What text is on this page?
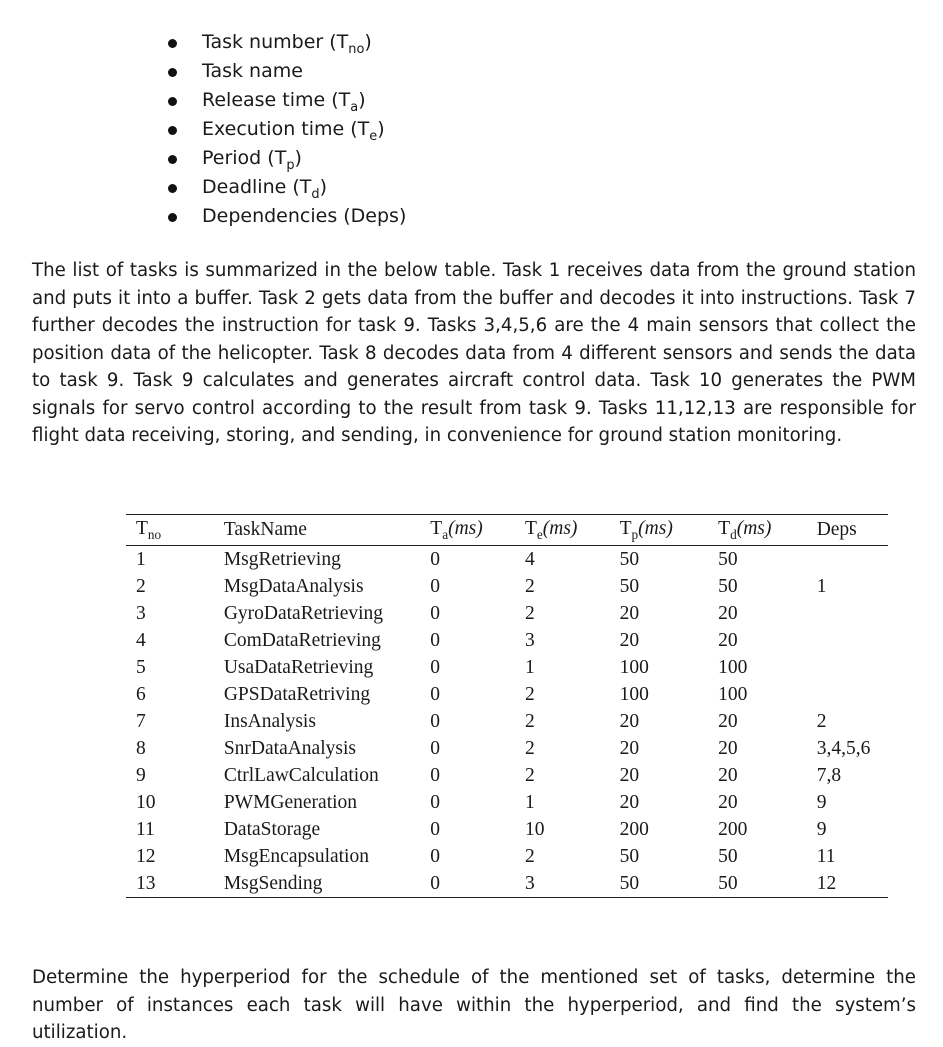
Task number $(T_{no})$
Task name
Release time $(T_a)$
Execution time $(T_e)$
Period $(T_p)$
Deadline $(T_d)$
Dependencies (Deps)

The list of tasks is summarized in the below table. Task 1 receives data from the ground station and puts it into a buffer. Task 2 gets data from the buffer and decodes it into instructions. Task 7 further decodes the instruction for task 9. Tasks 3,4,5,6 are the 4 main sensors that collect the position data of the helicopter. Task 8 decodes data from 4 different sensors and sends the data to task 9. Task 9 calculates and generates aircraft control data. Task 10 generates the PWM signals for servo control according to the result from task 9. Tasks 11,12,13 are responsible for flight data receiving, storing, and sending, in convenience for ground station monitoring.

$T_{no}$	TaskName	$T_a(ms)$	$T_e(ms)$	$T_p(ms)$	$T_d(ms)$	Deps
1	MsgRetrieving	0	4	50	50	
2	MsgDataAnalysis	0	2	50	50	1
3	GyroDataRetrieving	0	2	20	20	
4	ComDataRetrieving	0	3	20	20	
5	UsaDataRetrieving	0	1	100	100	
6	GPSDataRetriving	0	2	100	100	
7	InsAnalysis	0	2	20	20	2
8	SnrDataAnalysis	0	2	20	20	3,4,5,6
9	CtrlLawCalculation	0	2	20	20	7,8
10	PWMGeneration	0	1	20	20	9
11	DataStorage	0	10	200	200	9
12	MsgEncapsulation	0	2	50	50	11
13	MsgSending	0	3	50	50	12

Determine the hyperperiod for the schedule of the mentioned set of tasks, determine the number of instances each task will have within the hyperperiod, and find the system’s utilization.
